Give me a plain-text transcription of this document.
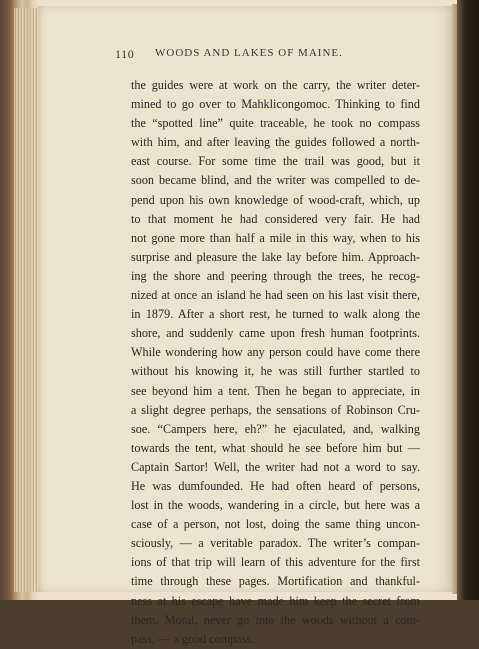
110 WOODS AND LAKES OF MAINE.
the guides were at work on the carry, the writer deter-
mined to go over to Mahklicongomoc. Thinking to find
the “spotted line” quite traceable, he took no compass
with him, and after leaving the guides followed a north-
east course. For some time the trail was good, but it
soon became blind, and the writer was compelled to de-
pend upon his own knowledge of wood-craft, which, up
to that moment he had considered very fair. He had
not gone more than half a mile in this way, when to his
surprise and pleasure the lake lay before him. Approach-
ing the shore and peering through the trees, he recog-
nized at once an island he had seen on his last visit there,
in 1879. After a short rest, he turned to walk along the
shore, and suddenly came upon fresh human footprints.
While wondering how any person could have come there
without his knowing it, he was still further startled to
see beyond him a tent. Then he began to appreciate, in
a slight degree perhaps, the sensations of Robinson Cru-
soe. “Campers here, eh?” he ejaculated, and, walking
towards the tent, what should he see before him but —
Captain Sartor! Well, the writer had not a word to say.
He was dumfounded. He had often heard of persons,
lost in the woods, wandering in a circle, but here was a
case of a person, not lost, doing the same thing uncon-
sciously, — a veritable paradox. The writer’s compan-
ions of that trip will learn of this adventure for the first
time through these pages. Mortification and thankful-
ness at his escape have made him keep the secret from
them. Moral, never go into the woods without a com-
pass, — a good compass.
